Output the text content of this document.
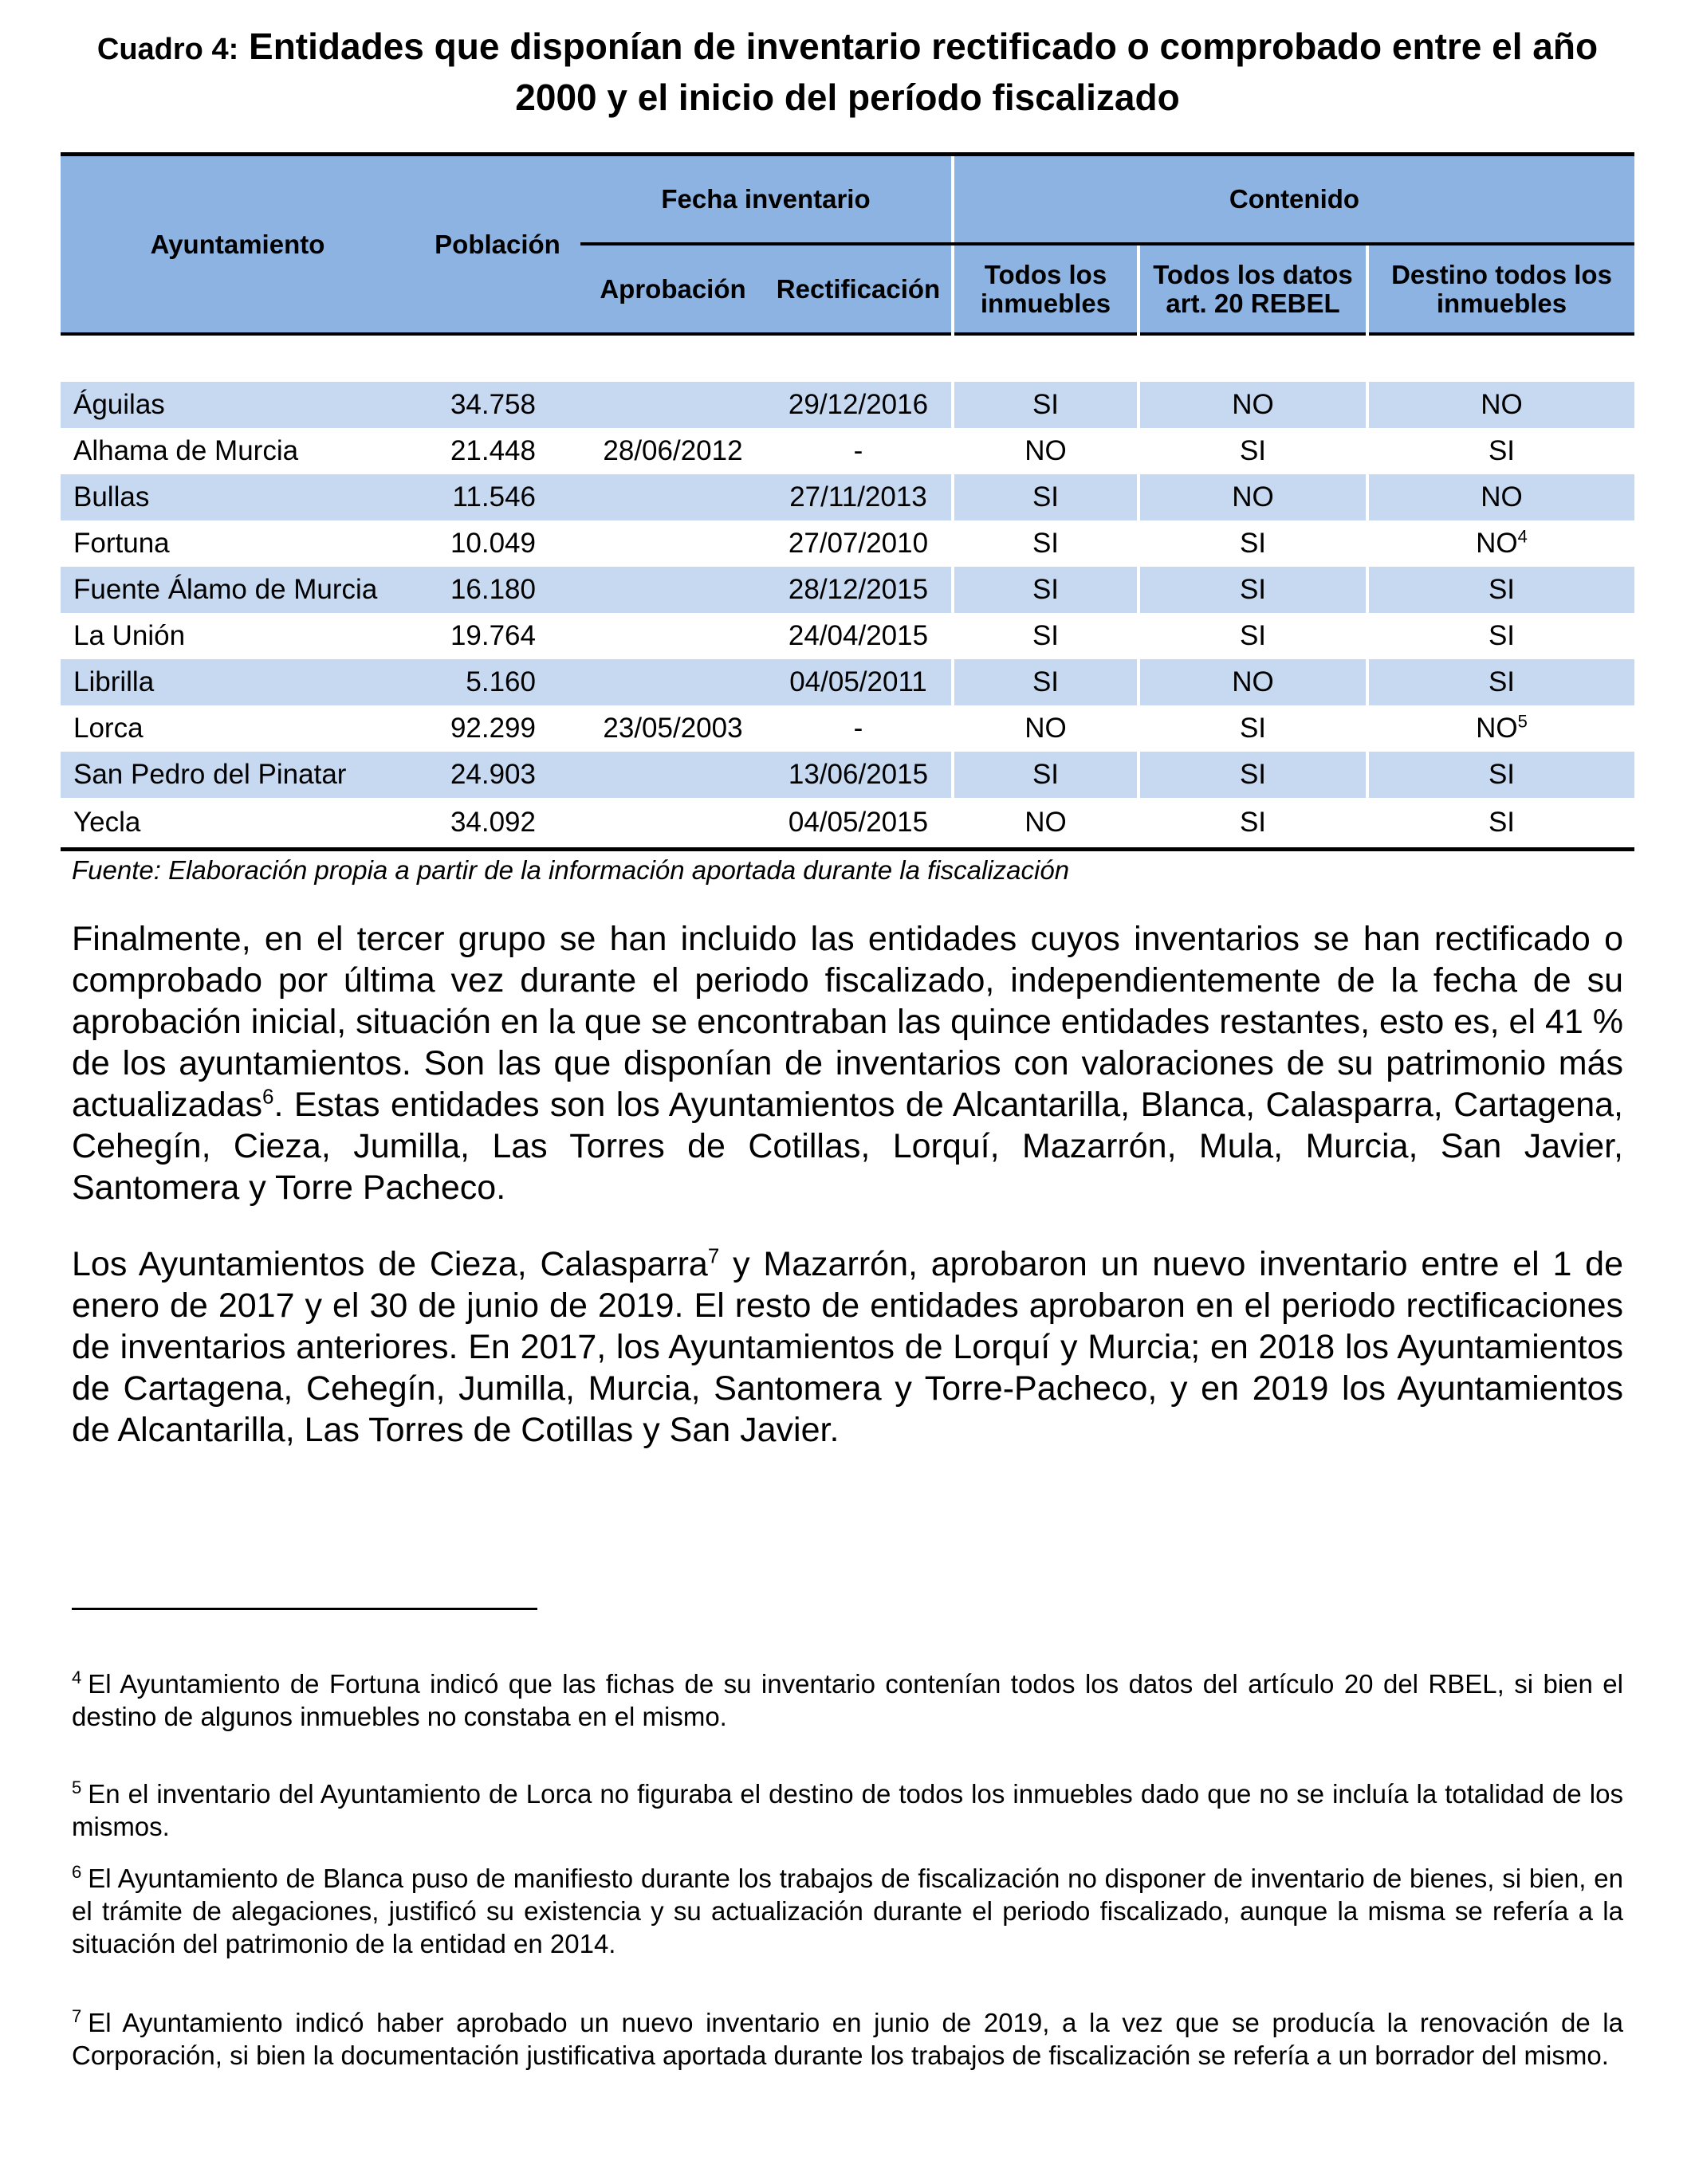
Cuadro 4: Entidades que disponían de inventario rectificado o comprobado entre el año 2000 y el inicio del período fiscalizado
Ayuntamiento	Población	Fecha inventario		Contenido		
		Aprobación	Rectificación	Todos los inmuebles	Todos los datos art. 20 REBEL	Destino todos los inmuebles

Águilas	34.758		29/12/2016	SI	NO	NO
Alhama de Murcia	21.448	28/06/2012	-	NO	SI	SI
Bullas	11.546		27/11/2013	SI	NO	NO
Fortuna	10.049		27/07/2010	SI	SI	NO$^4$
Fuente Álamo de Murcia	16.180		28/12/2015	SI	SI	SI
La Unión	19.764		24/04/2015	SI	SI	SI
Librilla	5.160		04/05/2011	SI	NO	SI
Lorca	92.299	23/05/2003	-	NO	SI	NO$^5$
San Pedro del Pinatar	24.903		13/06/2015	SI	SI	SI
Yecla	34.092		04/05/2015	NO	SI	SI
Fuente: Elaboración propia a partir de la información aportada durante la fiscalización

Finalmente, en el tercer grupo se han incluido las entidades cuyos inventarios se han rectificado o comprobado por última vez durante el periodo fiscalizado, independientemente de la fecha de su aprobación inicial, situación en la que se encontraban las quince entidades restantes, esto es, el 41 % de los ayuntamientos. Son las que disponían de inventarios con valoraciones de su patrimonio más actualizadas$^6$. Estas entidades son los Ayuntamientos de Alcantarilla, Blanca, Calasparra, Cartagena, Cehegín, Cieza, Jumilla, Las Torres de Cotillas, Lorquí, Mazarrón, Mula, Murcia, San Javier, Santomera y Torre Pacheco.

Los Ayuntamientos de Cieza, Calasparra$^7$ y Mazarrón, aprobaron un nuevo inventario entre el 1 de enero de 2017 y el 30 de junio de 2019. El resto de entidades aprobaron en el periodo rectificaciones de inventarios anteriores. En 2017, los Ayuntamientos de Lorquí y Murcia; en 2018 los Ayuntamientos de Cartagena, Cehegín, Jumilla, Murcia, Santomera y Torre-Pacheco, y en 2019 los Ayuntamientos de Alcantarilla, Las Torres de Cotillas y San Javier.

$^4$ El Ayuntamiento de Fortuna indicó que las fichas de su inventario contenían todos los datos del artículo 20 del RBEL, si bien el destino de algunos inmuebles no constaba en el mismo.

$^5$ En el inventario del Ayuntamiento de Lorca no figuraba el destino de todos los inmuebles dado que no se incluía la totalidad de los mismos.

$^6$ El Ayuntamiento de Blanca puso de manifiesto durante los trabajos de fiscalización no disponer de inventario de bienes, si bien, en el trámite de alegaciones, justificó su existencia y su actualización durante el periodo fiscalizado, aunque la misma se refería a la situación del patrimonio de la entidad en 2014.

$^7$ El Ayuntamiento indicó haber aprobado un nuevo inventario en junio de 2019, a la vez que se producía la renovación de la Corporación, si bien la documentación justificativa aportada durante los trabajos de fiscalización se refería a un borrador del mismo.
